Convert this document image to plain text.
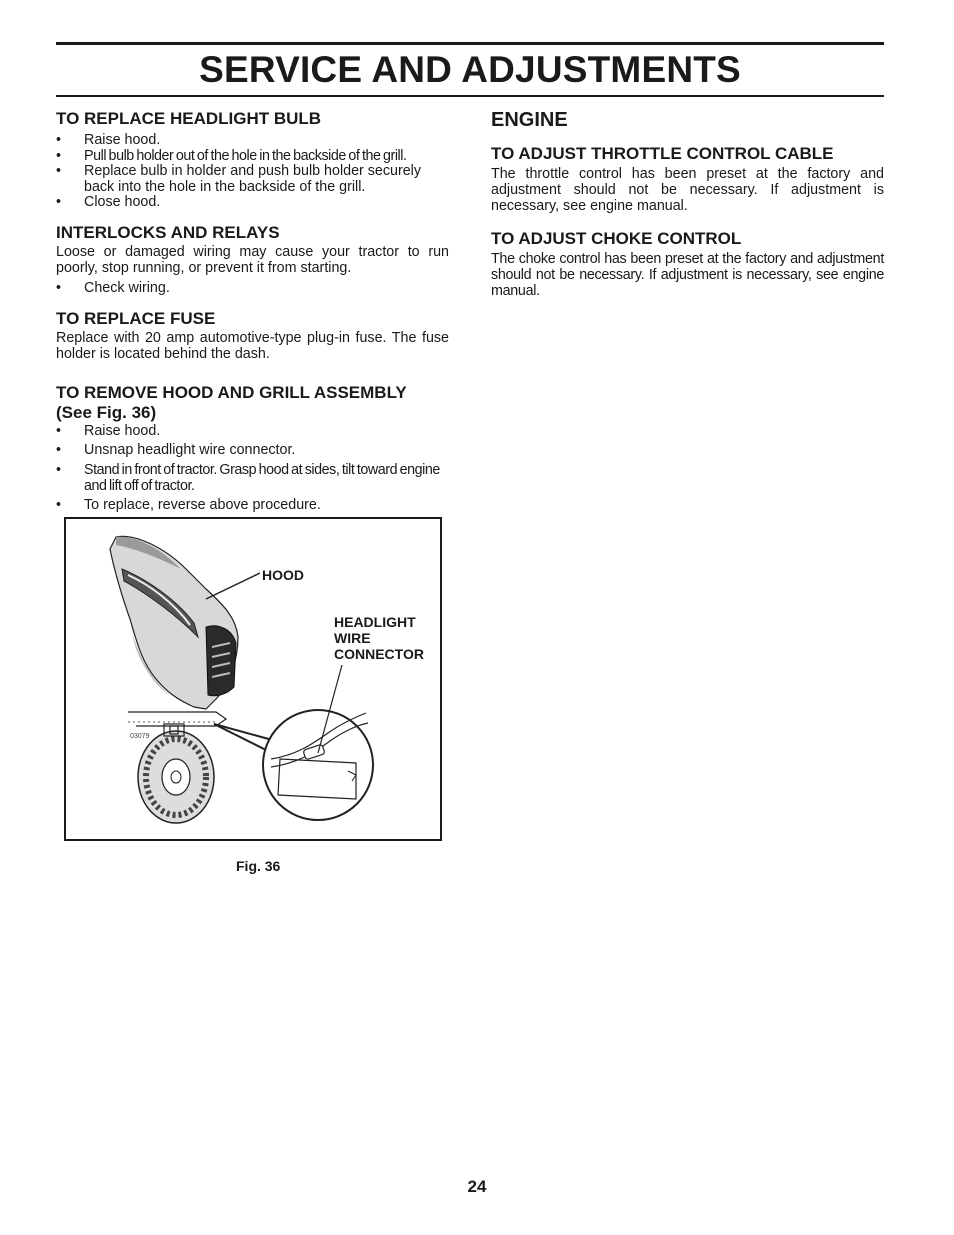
SERVICE AND ADJUSTMENTS
TO REPLACE HEADLIGHT BULB
• Raise hood.
• Pull bulb holder out of the hole in the backside of the grill.
• Replace bulb in holder and push bulb holder securely back into the hole in the backside of the grill.
• Close hood.
INTERLOCKS AND RELAYS

Loose or damaged wiring may cause your tractor to run poorly, stop running, or prevent it from starting.

• Check wiring.
TO REPLACE FUSE

Replace with 20 amp automotive-type plug-in fuse. The fuse holder is located behind the dash.

TO REMOVE HOOD AND GRILL ASSEMBLY
(See Fig. 36)
• Raise hood.
• Unsnap headlight wire connector.
• Stand in front of tractor. Grasp hood at sides, tilt toward engine and lift off of tractor.
• To replace, reverse above procedure.
HOOD
HEADLIGHT
WIRE
CONNECTOR
03079
Fig. 36
ENGINE
TO ADJUST THROTTLE CONTROL CABLE

The throttle control has been preset at the factory and adjustment should not be necessary. If adjustment is necessary, see engine manual.

TO ADJUST CHOKE CONTROL

The choke control has been preset at the factory and adjustment should not be necessary. If adjustment is necessary, see engine manual.

24
